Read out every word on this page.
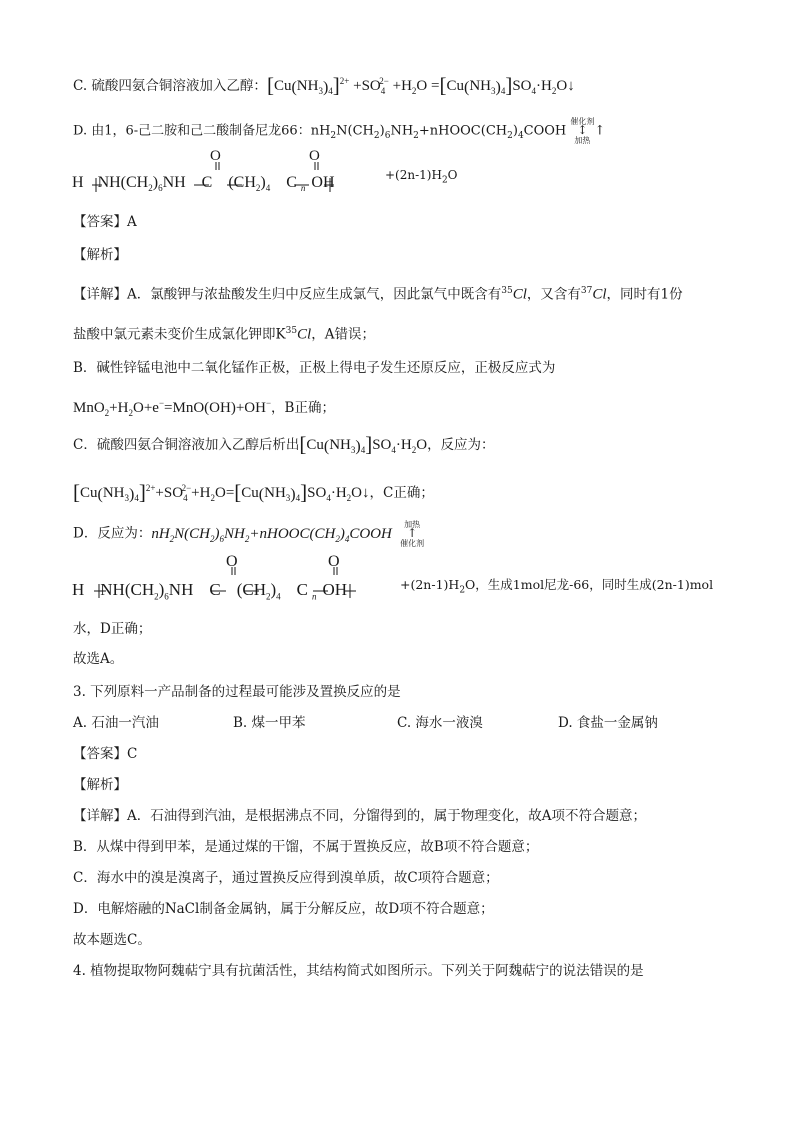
C. 硫酸四氨合铜溶液加入乙醇：$[Cu(NH_3)_4]^{2+} +SO_4^{2-} +H_2O$ $=[Cu(NH_3)_4]SO_4\cdot H_2O↓$
D. 由1，6-己二胺和己二酸制备尼龙66：$nH_2N(CH_2)_6NH_2+nHOOC(CH_2)_4COOH$ 催化剂
↕
加热↑
O	O
H $NH(CH_2)_6NH$ C $(CH_2)_4$ C $_n$ OH	$+(2n-1)H_2O$
【答案】A
【解析】
【详解】A．氯酸钾与浓盐酸发生归中反应生成氯气，因此氯气中既含有$^{35}$Cl，又含有$^{37}$Cl，同时有1份
盐酸中氯元素未变价生成氯化钾即$K^{35}Cl$，A错误；
B．碱性锌锰电池中二氧化锰作正极，正极上得电子发生还原反应，正极反应式为
$MnO_2+H_2O+e^-=MnO(OH)+OH^-$，B正确；
C．硫酸四氨合铜溶液加入乙醇后析出$[Cu(NH_3)_4]SO_4\cdot H_2O$，反应为：
$[Cu(NH_3)_4]^{2+}+SO_4^{2-}+H_2O=[Cu(NH_3)_4]SO_4\cdot H_2O↓$，C正确；
D．反应为：$nH_2N(CH_2)_6NH_2+nHOOC(CH_2)_4COOH$ 加热
↑
催化剂
O	O
H $NH(CH_2)_6NH$ C $(CH_2)_4$ C $_n$ OH	$+(2n-1)H_2O$，生成1mol尼龙-66，同时生成(2n-1)mol
水，D正确；
故选A。
3. 下列原料一产品制备的过程最可能涉及置换反应的是
A. 石油一汽油	B. 煤一甲苯	C. 海水一液溴	D. 食盐一金属钠
【答案】C
【解析】
【详解】A．石油得到汽油，是根据沸点不同，分馏得到的，属于物理变化，故A项不符合题意；
B．从煤中得到甲苯，是通过煤的干馏，不属于置换反应，故B项不符合题意；
C．海水中的溴是溴离子，通过置换反应得到溴单质，故C项符合题意；
D．电解熔融的NaCl制备金属钠，属于分解反应，故D项不符合题意；
故本题选C。
4. 植物提取物阿魏萜宁具有抗菌活性，其结构简式如图所示。下列关于阿魏萜宁的说法错误的是
